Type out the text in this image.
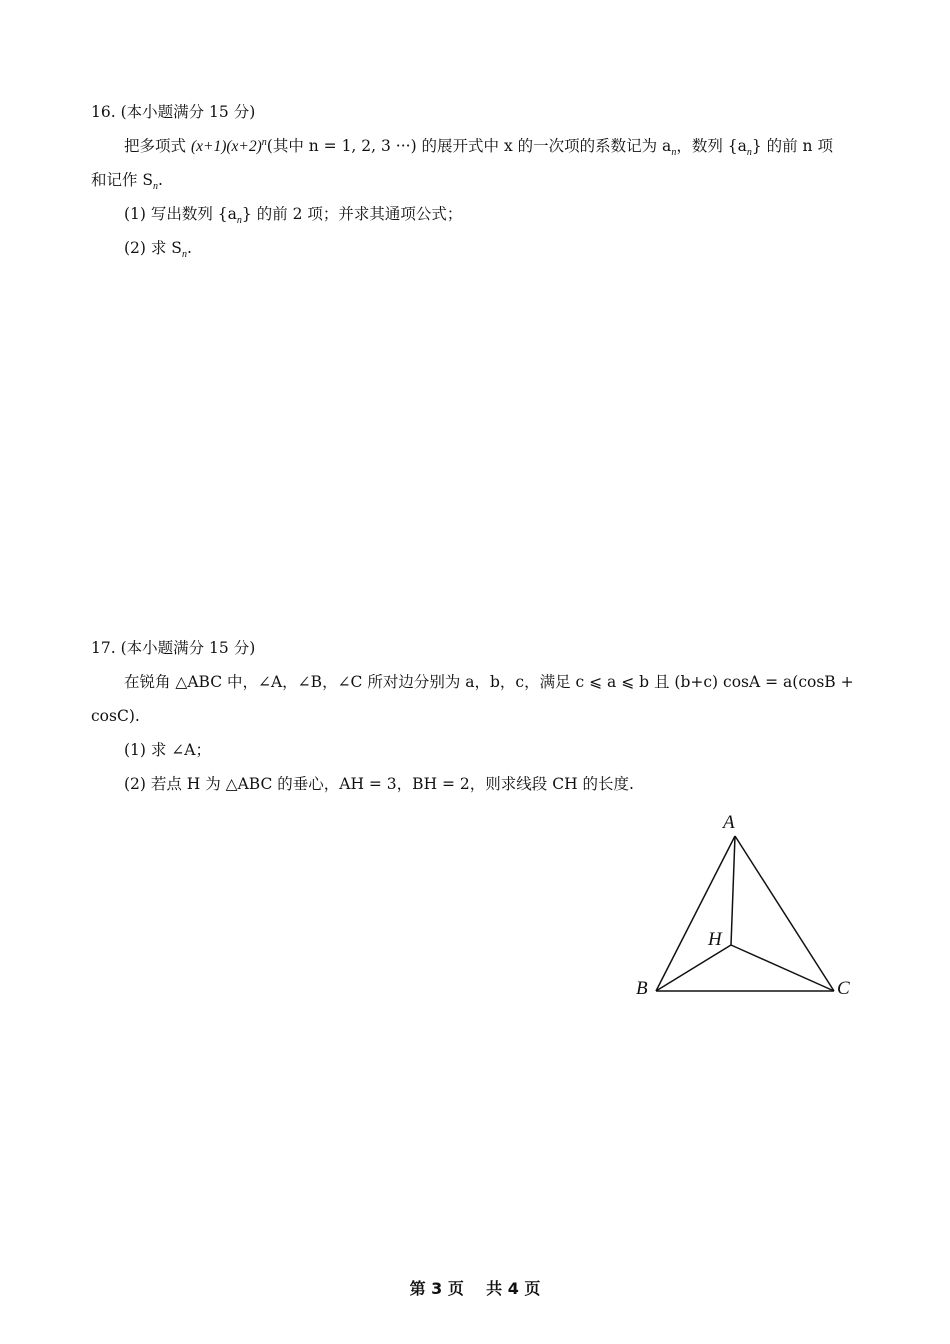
16. (本小题满分 15 分)
把多项式 $(x+1)(x+2)^n$(其中 n = 1, 2, 3 ···) 的展开式中 x 的一次项的系数记为 $a_n$，数列 $\{a_n\}$ 的前 n 项
和记作 $S_n$.
(1) 写出数列 $\{a_n\}$ 的前 2 项；并求其通项公式；
(2) 求 $S_n$.
17. (本小题满分 15 分)
在锐角 △ABC 中，∠A，∠B，∠C 所对边分别为 a，b，c，满足 c ⩽ a ⩽ b 且 (b+c) cosA = a(cosB +
cosC).
(1) 求 ∠A；
(2) 若点 H 为 △ABC 的垂心，AH = 3，BH = 2，则求线段 CH 的长度.
A
B	C
H
第 3 页    共 4 页
